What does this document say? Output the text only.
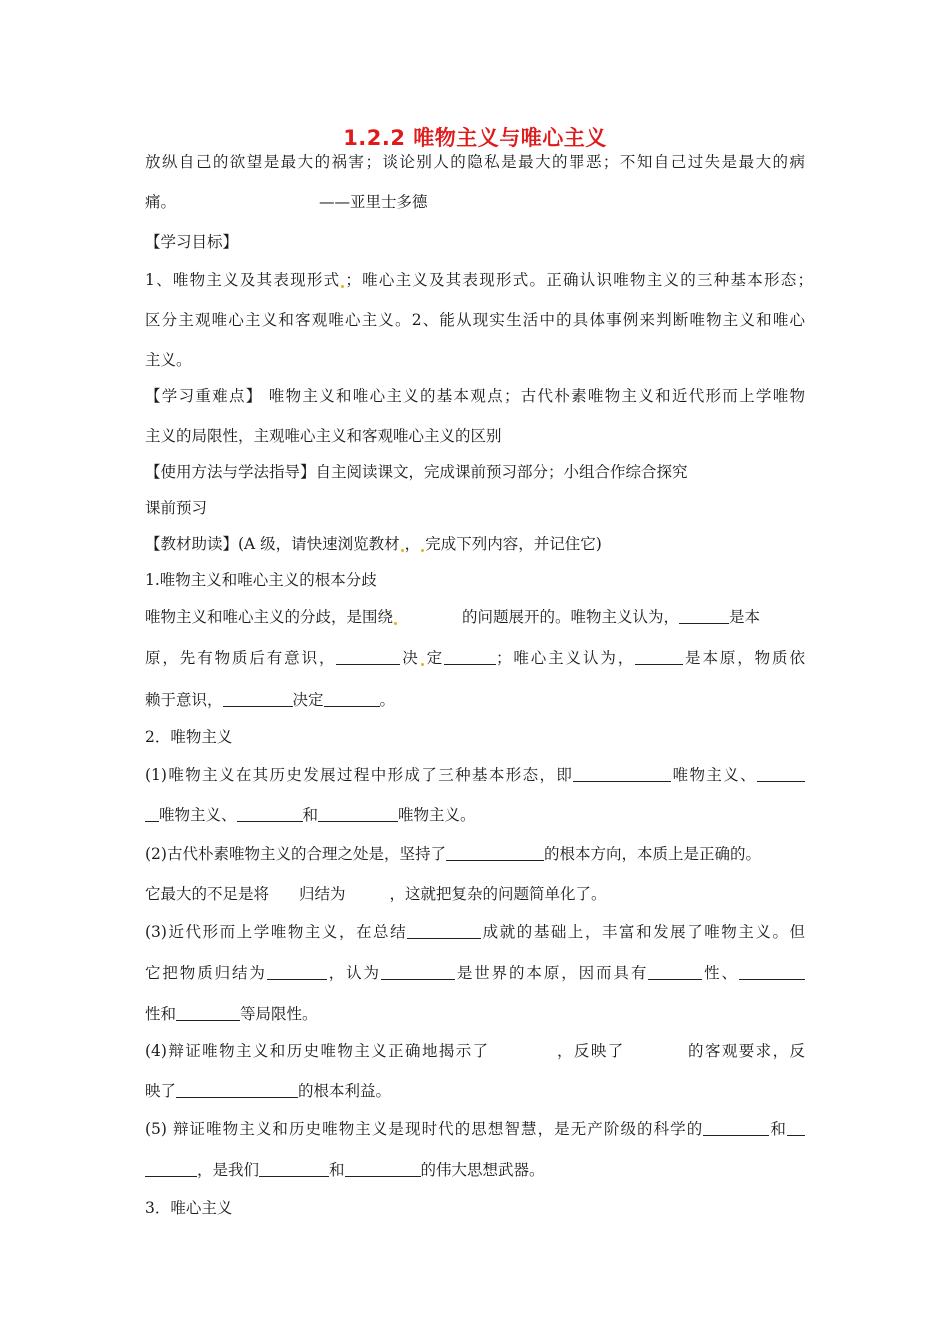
1.2.2 唯物主义与唯心主义
放纵自己的欲望是最大的祸害；谈论别人的隐私是最大的罪恶；不知自己过失是最大的病
痛。	——亚里士多德
【学习目标】
1、唯物主义及其表现形式 ；唯心主义及其表现形式。正确认识唯物主义的三种基本形态；
区分主观唯心主义和客观唯心主义。2、能从现实生活中的具体事例来判断唯物主义和唯心
主义。
【学习重难点】 唯物主义和唯心主义的基本观点；古代朴素唯物主义和近代形而上学唯物
主义的局限性，主观唯心主义和客观唯心主义的区别
【使用方法与学法指导】自主阅读课文，完成课前预习部分；小组合作综合探究
课前预习
【教材助读】(A 级，请快速浏览教材 ， 完成下列内容，并记住它)
1.唯物主义和唯心主义的根本分歧
唯物主义和唯心主义的分歧，是围绕	的问题展开的。唯物主义认为，	是本
原，先有物质后有意识，	决 定	；唯心主义认为，	是本原，物质依
赖于意识，	决定	。
2．唯物主义
(1)唯物主义在其历史发展过程中形成了三种基本形态，即	唯物主义、
唯物主义、	和	唯物主义。
(2)古代朴素唯物主义的合理之处是，坚持了	的根本方向，本质上是正确的。
它最大的不足是将 归结为	，这就把复杂的问题简单化了。
(3)近代形而上学唯物主义，在总结	成就的基础上，丰富和发展了唯物主义。但
它把物质归结为	，认为	是世界的本原，因而具有	性、
性和	等局限性。
(4)辩证唯物主义和历史唯物主义正确地揭示了	，反映了	的客观要求，反
映了	的根本利益。
(5) 辩证唯物主义和历史唯物主义是现时代的思想智慧，是无产阶级的科学的	和
，是我们	和	的伟大思想武器。
3．唯心主义
